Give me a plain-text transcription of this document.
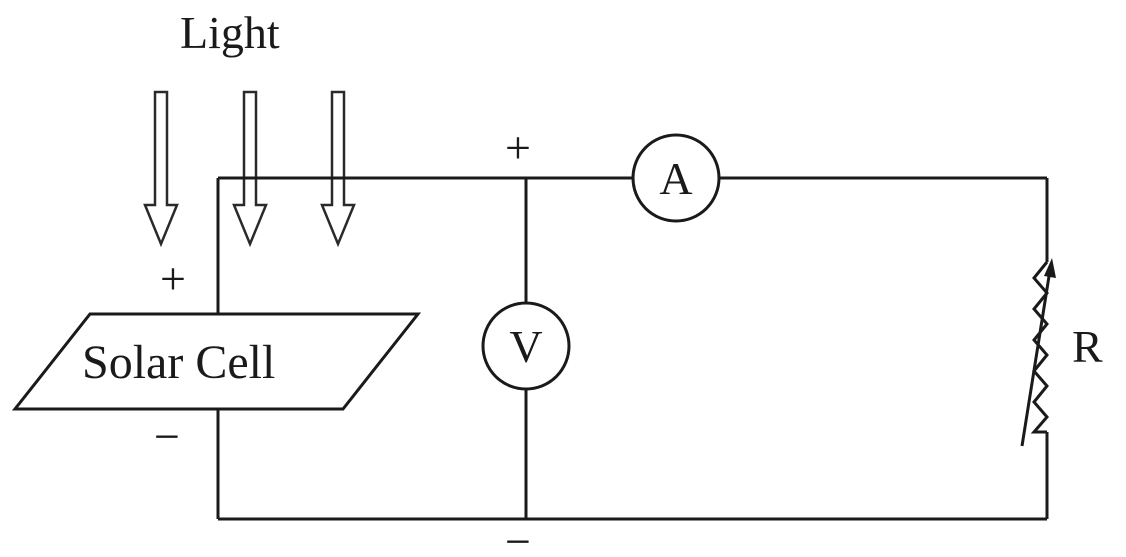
Light
Solar Cell
+
−
+
−
A
V	R
